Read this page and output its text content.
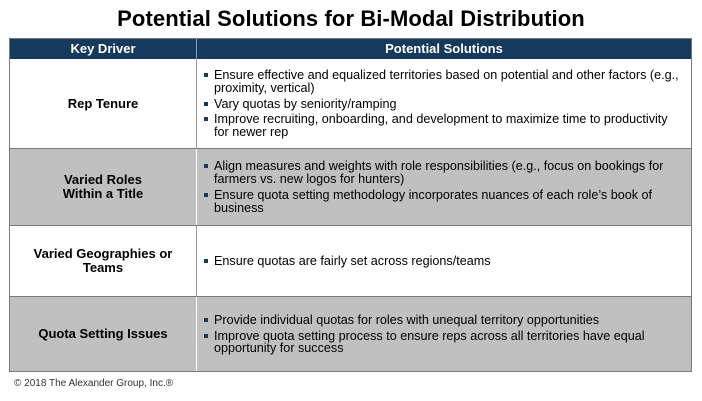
Potential Solutions for Bi-Modal Distribution
Key Driver	Potential Solutions
Rep Tenure
Ensure effective and equalized territories based on potential and other factors (e.g., proximity, vertical)
Vary quotas by seniority/ramping
Improve recruiting, onboarding, and development to maximize time to productivity for newer rep
Varied Roles Within a Title
Align measures and weights with role responsibilities (e.g., focus on bookings for farmers vs. new logos for hunters)
Ensure quota setting methodology incorporates nuances of each role’s book of business
Varied Geographies or Teams	Ensure quotas are fairly set across regions/teams
Quota Setting Issues
Provide individual quotas for roles with unequal territory opportunities
Improve quota setting process to ensure reps across all territories have equal opportunity for success
© 2018 The Alexander Group, Inc.®
